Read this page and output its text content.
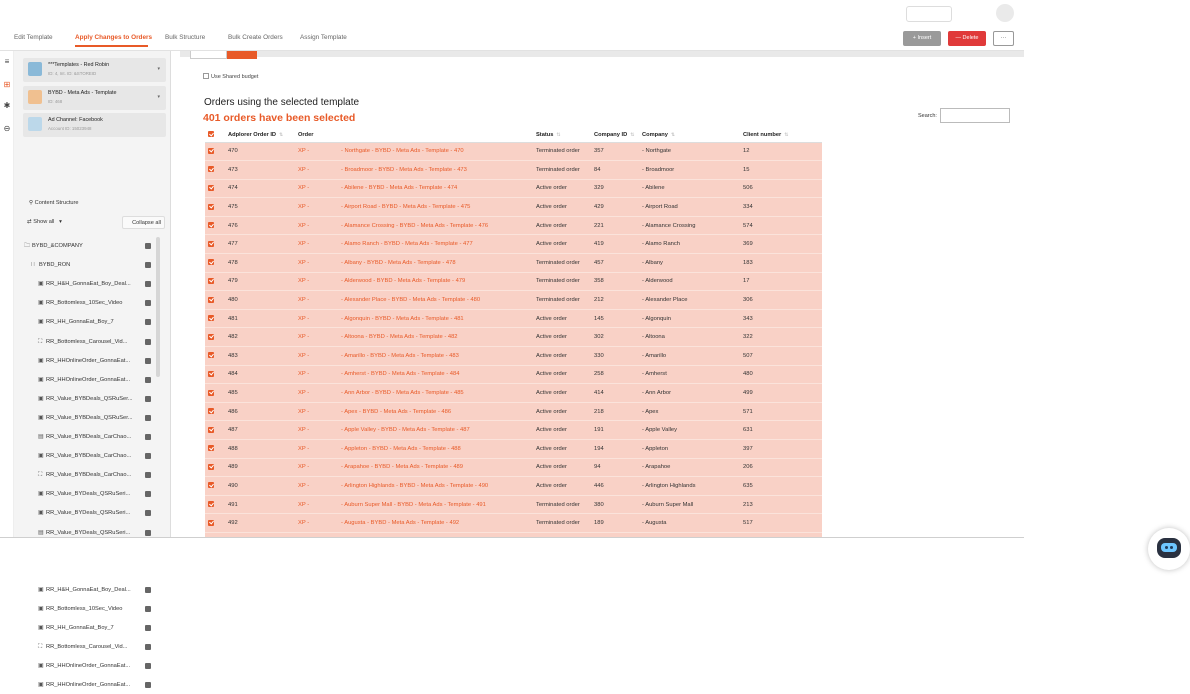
Edit Template	Apply Changes to Orders Bulk Structure	Bulk Create Orders	Assign Template	+ Insert	— Delete	···
≡
⊞
✱
⊖
***Templates - Red Robin
ID: 4, Int. ID: &STOREID
▾
BYBD - Meta Ads - Template
ID: 468
▾
Ad Channel: Facebook
Account ID: 15023948
⚲ Content Structure
⇄ Show all   ▾	Collapse all
🗀 BYBD_&COMPANY
∷ BYBD_RON
▣ RR_H&H_GonnaEat_Boy_Deal...
▣ RR_Bottomless_10Sec_Video
▣ RR_HH_GonnaEat_Boy_7
⛶ RR_Bottomless_Carousel_Vid...
▣ RR_HHOnlineOrder_GonnaEat...
▣ RR_HHOnlineOrder_GonnaEat...
▣ RR_Value_BYBDeals_QSRuSer...
▣ RR_Value_BYBDeals_QSRuSer...
▤ RR_Value_BYBDeals_CarChao...
▣ RR_Value_BYBDeals_CarChao...
⛶ RR_Value_BYBDeals_CarChao...
▣ RR_Value_BYDeals_QSRuSeri...
▣ RR_Value_BYDeals_QSRuSeri...
▤ RR_Value_BYDeals_QSRuSeri...
▣ RR_H&H_GonnaEat_Boy_Deal...
▣ RR_Bottomless_10Sec_Video
▣ RR_HH_GonnaEat_Boy_7
⛶ RR_Bottomless_Carousel_Vid...
▣ RR_HHOnlineOrder_GonnaEat...
▣ RR_HHOnlineOrder_GonnaEat...
Use Shared budget
Orders using the selected template
401 orders have been selected	Search:
	Adplorer Order ID ⇅	Order		Status ⇅	Company ID ⇅	Company ⇅	Client number ⇅
	470	XP -	- Northgate - BYBD - Meta Ads - Template - 470	Terminated order	357	- Northgate	12
	473	XP -	- Broadmoor - BYBD - Meta Ads - Template - 473	Terminated order	84	- Broadmoor	15
	474	XP -	- Abilene - BYBD - Meta Ads - Template - 474	Active order	329	- Abilene	506
	475	XP -	- Airport Road - BYBD - Meta Ads - Template - 475	Active order	429	- Airport Road	334
	476	XP -	- Alamance Crossing - BYBD - Meta Ads - Template - 476	Active order	221	- Alamance Crossing	574
	477	XP -	- Alamo Ranch - BYBD - Meta Ads - Template - 477	Active order	419	- Alamo Ranch	369
	478	XP -	- Albany - BYBD - Meta Ads - Template - 478	Terminated order	457	- Albany	183
	479	XP -	- Alderwood - BYBD - Meta Ads - Template - 479	Terminated order	358	- Alderwood	17
	480	XP -	- Alexander Place - BYBD - Meta Ads - Template - 480	Terminated order	212	- Alexander Place	306
	481	XP -	- Algonquin - BYBD - Meta Ads - Template - 481	Active order	145	- Algonquin	343
	482	XP -	- Altoona - BYBD - Meta Ads - Template - 482	Active order	302	- Altoona	322
	483	XP -	- Amarillo - BYBD - Meta Ads - Template - 483	Active order	330	- Amarillo	507
	484	XP -	- Amherst - BYBD - Meta Ads - Template - 484	Active order	258	- Amherst	480
	485	XP -	- Ann Arbor - BYBD - Meta Ads - Template - 485	Active order	414	- Ann Arbor	499
	486	XP -	- Apex - BYBD - Meta Ads - Template - 486	Active order	218	- Apex	571
	487	XP -	- Apple Valley - BYBD - Meta Ads - Template - 487	Active order	191	- Apple Valley	631
	488	XP -	- Appleton - BYBD - Meta Ads - Template - 488	Active order	194	- Appleton	397
	489	XP -	- Arapahoe - BYBD - Meta Ads - Template - 489	Active order	94	- Arapahoe	206
	490	XP -	- Arlington Highlands - BYBD - Meta Ads - Template - 490	Active order	446	- Arlington Highlands	635
	491	XP -	- Auburn Super Mall - BYBD - Meta Ads - Template - 491	Terminated order	380	- Auburn Super Mall	213
	492	XP -	- Augusta - BYBD - Meta Ads - Template - 492	Terminated order	189	- Augusta	517
